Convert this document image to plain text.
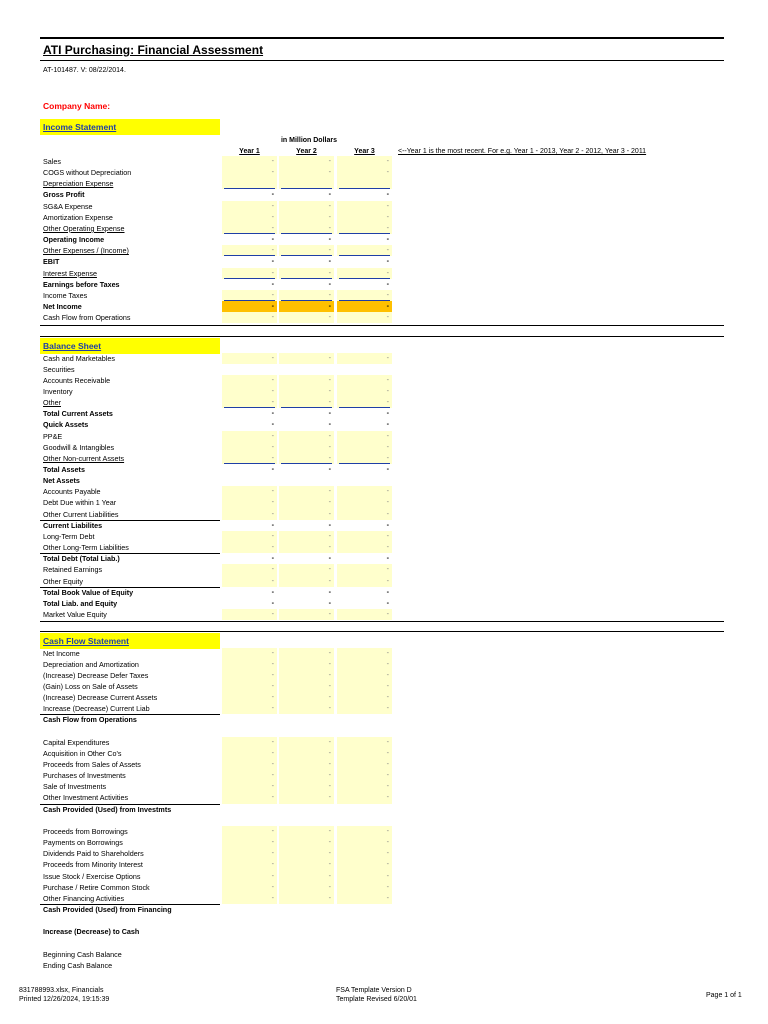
ATI Purchasing: Financial Assessment
AT-101487. V: 08/22/2014.
Company Name:
Income Statement
in Million Dollars
Year 1	Year 2	Year 3	<--Year 1 is the most recent. For e.g. Year 1 - 2013, Year 2 - 2012, Year 3 - 2011
Sales	-	-	-
COGS without Depreciation	-	-	-
Depreciation Expense
Gross Profit	-	-	-
SG&A Expense	-	-	-
Amortization Expense	-	-	-
Other Operating Expense	-	-	-
Operating Income	-	-	-
Other Expenses / (Income)	-	-	-
EBIT	-	-	-
Interest Expense	-	-	-
Earnings before Taxes	-	-	-
Income Taxes	-	-	-
Net Income	-	-	-
Cash Flow from Operations	-	-	-
Balance Sheet
Cash and Marketables	-	-	-
Securities
Accounts Receivable	-	-	-
Inventory	-	-	-
Other	-	-	-
Total Current Assets	-	-	-
Quick Assets	-	-	-
PP&E	-	-	-
Goodwill & Intangibles	-	-	-
Other Non-current Assets	-	-	-
Total Assets	-	-	-
Net Assets
Accounts Payable	-	-	-
Debt Due within 1 Year	-	-	-
Other Current Liabilities	-	-	-
Current Liabilites	-	-	-
Long-Term Debt	-	-	-
Other Long-Term Liabilities	-	-	-
Total Debt (Total Liab.)	-	-	-
Retained Earnings	-	-	-
Other Equity	-	-	-
Total Book Value of Equity	-	-	-
Total Liab. and Equity	-	-	-
Market Value Equity	-	-	-
Cash Flow Statement
Net Income	-	-	-
Depreciation and Amortization	-	-	-
(Increase) Decrease Defer Taxes	-	-	-
(Gain) Loss on Sale of Assets	-	-	-
(Increase) Decrease Current Assets	-	-	-
Increase (Decrease) Current Liab	-	-	-
Cash Flow from Operations
Capital Expenditures	-	-	-
Acquisition in Other Co's	-	-	-
Proceeds from Sales of Assets	-	-	-
Purchases of Investments	-	-	-
Sale of Investments	-	-	-
Other Investment Activities	-	-	-
Cash Provided (Used) from Investmts
Proceeds from Borrowings	-	-	-
Payments on Borrowings	-	-	-
Dividends Paid to Shareholders	-	-	-
Proceeds from Minority Interest	-	-	-
Issue Stock / Exercise Options	-	-	-
Purchase / Retire Common Stock	-	-	-
Other Financing Activities	-	-	-
Cash Provided (Used) from Financing
Increase (Decrease) to Cash
Beginning Cash Balance
Ending Cash Balance
831788993.xlsx, Financials
Printed 12/26/2024, 19:15:39
FSA Template Version D
Template Revised 6/20/01
Page 1 of 1
